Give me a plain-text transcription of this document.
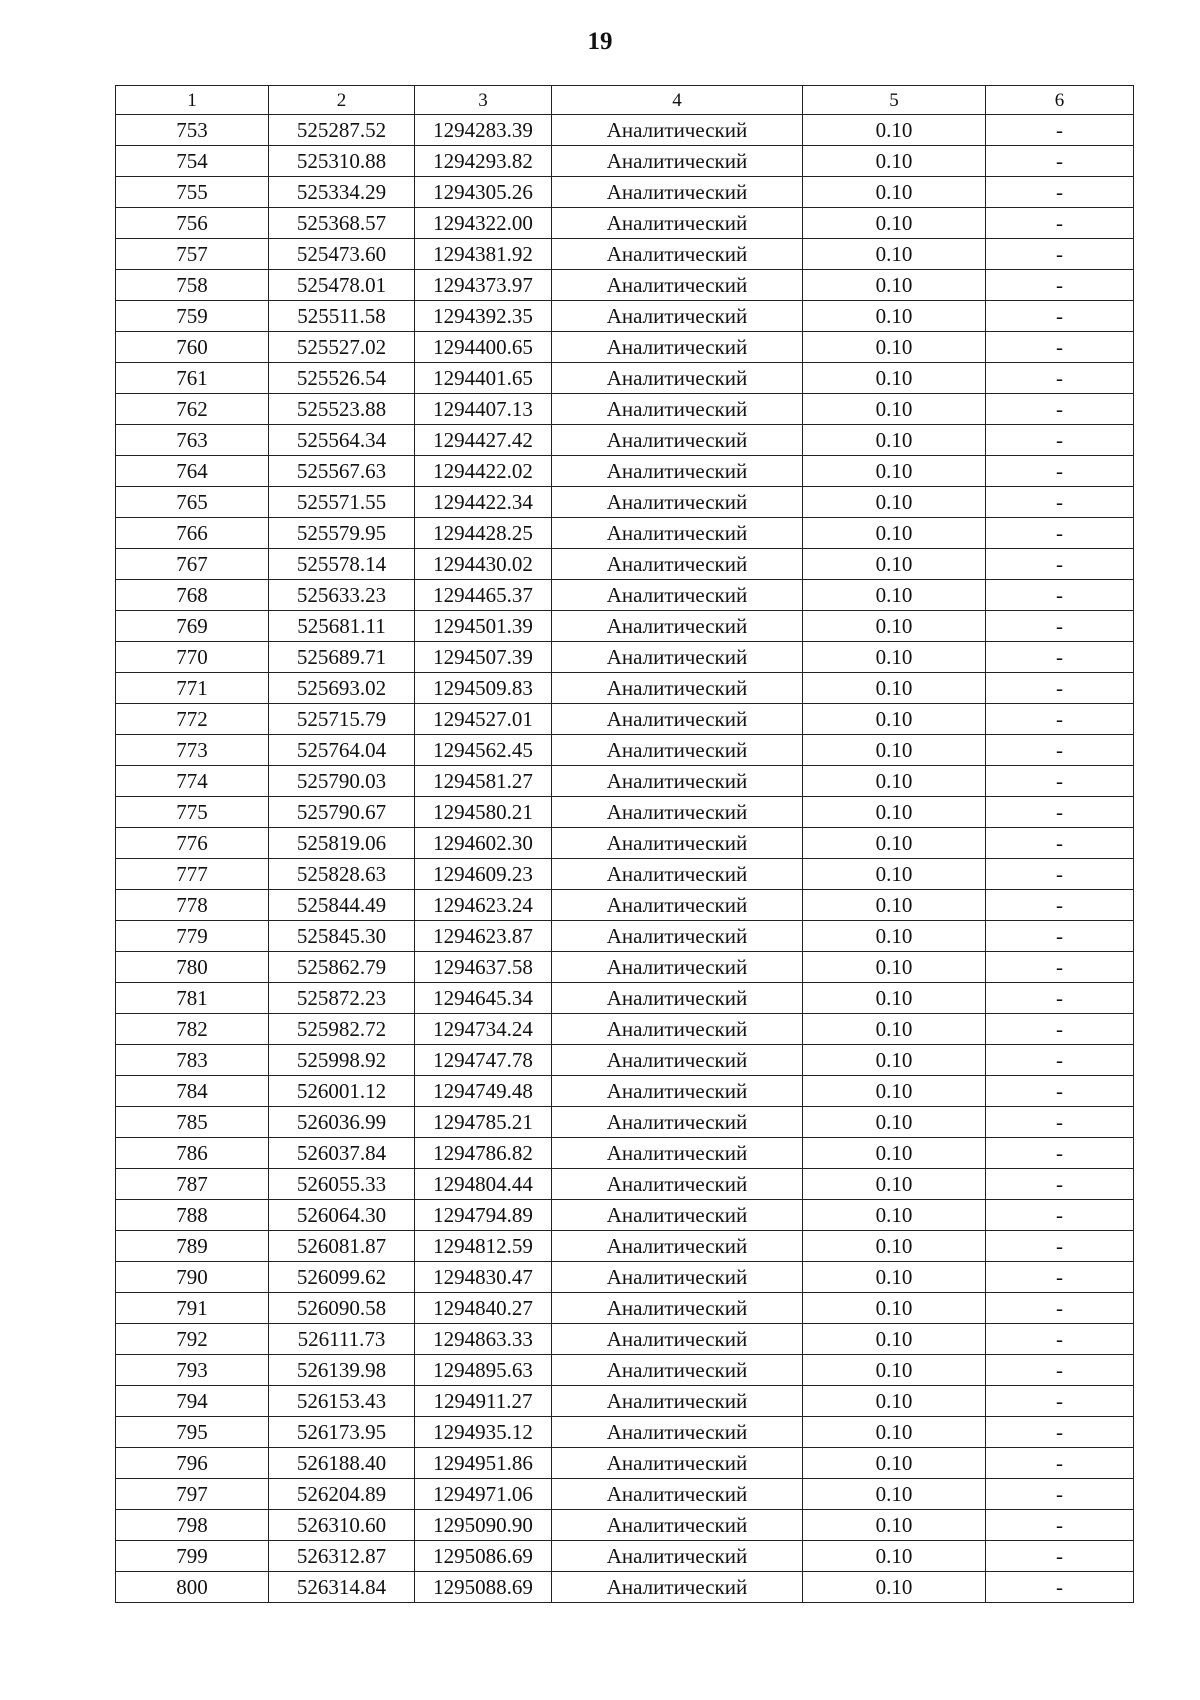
19
1	2	3	4	5	6
753	525287.52	1294283.39	Аналитический	0.10	-
754	525310.88	1294293.82	Аналитический	0.10	-
755	525334.29	1294305.26	Аналитический	0.10	-
756	525368.57	1294322.00	Аналитический	0.10	-
757	525473.60	1294381.92	Аналитический	0.10	-
758	525478.01	1294373.97	Аналитический	0.10	-
759	525511.58	1294392.35	Аналитический	0.10	-
760	525527.02	1294400.65	Аналитический	0.10	-
761	525526.54	1294401.65	Аналитический	0.10	-
762	525523.88	1294407.13	Аналитический	0.10	-
763	525564.34	1294427.42	Аналитический	0.10	-
764	525567.63	1294422.02	Аналитический	0.10	-
765	525571.55	1294422.34	Аналитический	0.10	-
766	525579.95	1294428.25	Аналитический	0.10	-
767	525578.14	1294430.02	Аналитический	0.10	-
768	525633.23	1294465.37	Аналитический	0.10	-
769	525681.11	1294501.39	Аналитический	0.10	-
770	525689.71	1294507.39	Аналитический	0.10	-
771	525693.02	1294509.83	Аналитический	0.10	-
772	525715.79	1294527.01	Аналитический	0.10	-
773	525764.04	1294562.45	Аналитический	0.10	-
774	525790.03	1294581.27	Аналитический	0.10	-
775	525790.67	1294580.21	Аналитический	0.10	-
776	525819.06	1294602.30	Аналитический	0.10	-
777	525828.63	1294609.23	Аналитический	0.10	-
778	525844.49	1294623.24	Аналитический	0.10	-
779	525845.30	1294623.87	Аналитический	0.10	-
780	525862.79	1294637.58	Аналитический	0.10	-
781	525872.23	1294645.34	Аналитический	0.10	-
782	525982.72	1294734.24	Аналитический	0.10	-
783	525998.92	1294747.78	Аналитический	0.10	-
784	526001.12	1294749.48	Аналитический	0.10	-
785	526036.99	1294785.21	Аналитический	0.10	-
786	526037.84	1294786.82	Аналитический	0.10	-
787	526055.33	1294804.44	Аналитический	0.10	-
788	526064.30	1294794.89	Аналитический	0.10	-
789	526081.87	1294812.59	Аналитический	0.10	-
790	526099.62	1294830.47	Аналитический	0.10	-
791	526090.58	1294840.27	Аналитический	0.10	-
792	526111.73	1294863.33	Аналитический	0.10	-
793	526139.98	1294895.63	Аналитический	0.10	-
794	526153.43	1294911.27	Аналитический	0.10	-
795	526173.95	1294935.12	Аналитический	0.10	-
796	526188.40	1294951.86	Аналитический	0.10	-
797	526204.89	1294971.06	Аналитический	0.10	-
798	526310.60	1295090.90	Аналитический	0.10	-
799	526312.87	1295086.69	Аналитический	0.10	-
800	526314.84	1295088.69	Аналитический	0.10	-
